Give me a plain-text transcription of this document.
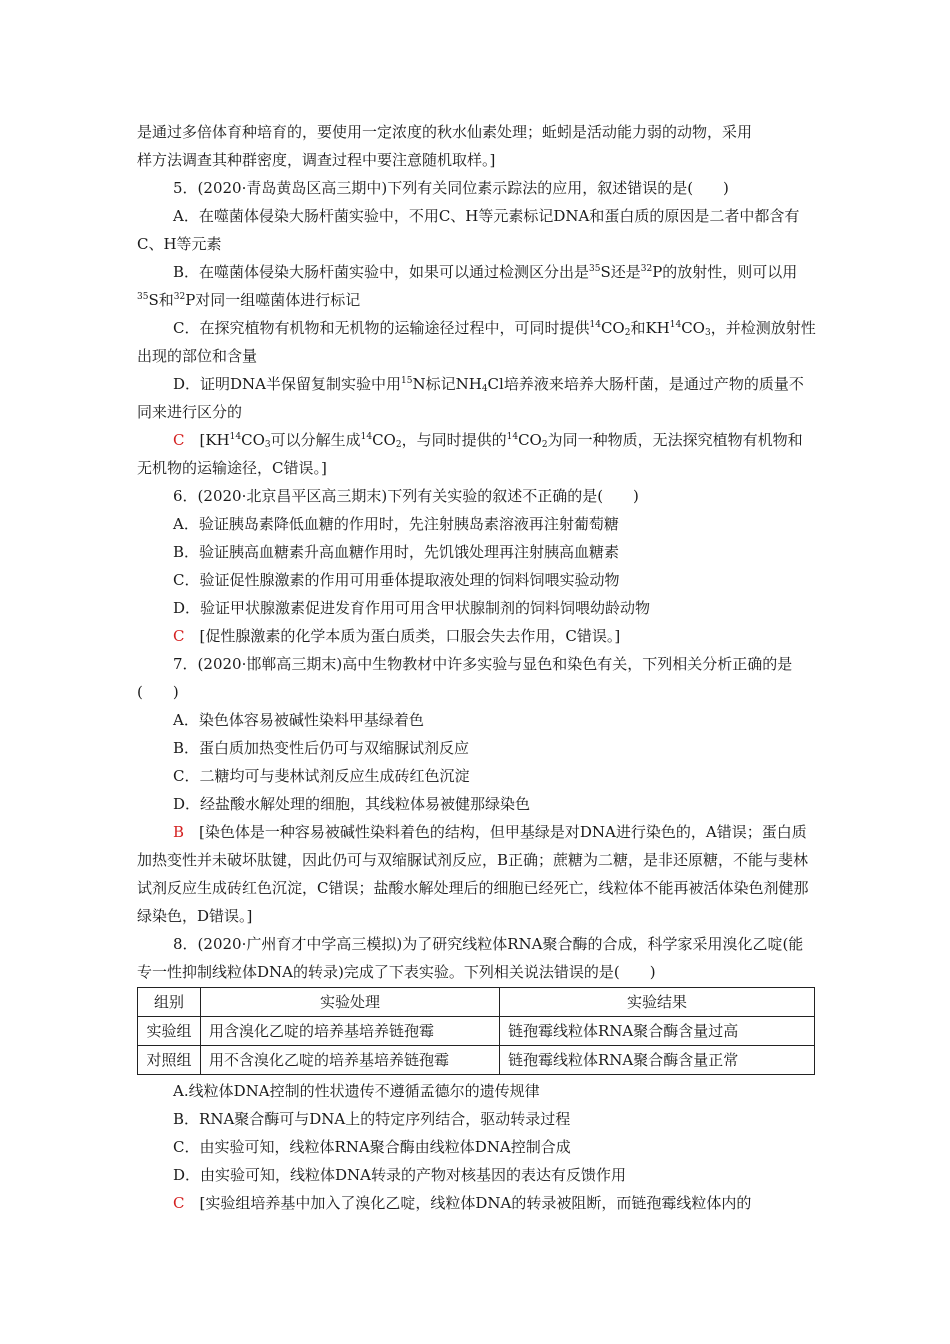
是通过多倍体育种培育的，要使用一定浓度的秋水仙素处理；蚯蚓是活动能力弱的动物，采用

样方法调查其种群密度，调查过程中要注意随机取样。]

5．(2020·青岛黄岛区高三期中)下列有关同位素示踪法的应用，叙述错误的是(　　)

A．在噬菌体侵染大肠杆菌实验中，不用C、H等元素标记DNA和蛋白质的原因是二者中都含有C、H等元素

B．在噬菌体侵染大肠杆菌实验中，如果可以通过检测区分出是$^{35}$S还是$^{32}$P的放射性，则可以用$^{35}$S和$^{32}$P对同一组噬菌体进行标记

C．在探究植物有机物和无机物的运输途径过程中，可同时提供$^{14}CO_2$和$KH^{14}CO_3$，并检测放射性出现的部位和含量

D．证明DNA半保留复制实验中用$^{15}$N标记$NH_4Cl$培养液来培养大肠杆菌，是通过产物的质量不同来进行区分的

C　 [$KH^{14}CO_3$可以分解生成$^{14}CO_2$，与同时提供的$^{14}CO_2$为同一种物质，无法探究植物有机物和无机物的运输途径，C错误。]

6．(2020·北京昌平区高三期末)下列有关实验的叙述不正确的是(　　)

A．验证胰岛素降低血糖的作用时，先注射胰岛素溶液再注射葡萄糖

B．验证胰高血糖素升高血糖作用时，先饥饿处理再注射胰高血糖素

C．验证促性腺激素的作用可用垂体提取液处理的饲料饲喂实验动物

D．验证甲状腺激素促进发育作用可用含甲状腺制剂的饲料饲喂幼龄动物

C　 [促性腺激素的化学本质为蛋白质类，口服会失去作用，C错误。]

7．(2020·邯郸高三期末)高中生物教材中许多实验与显色和染色有关，下列相关分析正确的是(　　)

A．染色体容易被碱性染料甲基绿着色

B．蛋白质加热变性后仍可与双缩脲试剂反应

C．二糖均可与斐林试剂反应生成砖红色沉淀

D．经盐酸水解处理的细胞，其线粒体易被健那绿染色

B　 [染色体是一种容易被碱性染料着色的结构，但甲基绿是对DNA进行染色的，A错误；蛋白质加热变性并未破坏肽键，因此仍可与双缩脲试剂反应，B正确；蔗糖为二糖，是非还原糖，不能与斐林试剂反应生成砖红色沉淀，C错误；盐酸水解处理后的细胞已经死亡，线粒体不能再被活体染色剂健那绿染色，D错误。]

8．(2020·广州育才中学高三模拟)为了研究线粒体RNA聚合酶的合成，科学家采用溴化乙啶(能专一性抑制线粒体DNA的转录)完成了下表实验。下列相关说法错误的是(　　)

组别	实验处理	实验结果
实验组	用含溴化乙啶的培养基培养链孢霉	链孢霉线粒体RNA聚合酶含量过高
对照组	用不含溴化乙啶的培养基培养链孢霉	链孢霉线粒体RNA聚合酶含量正常

A.线粒体DNA控制的性状遗传不遵循孟德尔的遗传规律

B．RNA聚合酶可与DNA上的特定序列结合，驱动转录过程

C．由实验可知，线粒体RNA聚合酶由线粒体DNA控制合成

D．由实验可知，线粒体DNA转录的产物对核基因的表达有反馈作用

C　 [实验组培养基中加入了溴化乙啶，线粒体DNA的转录被阻断，而链孢霉线粒体内的
